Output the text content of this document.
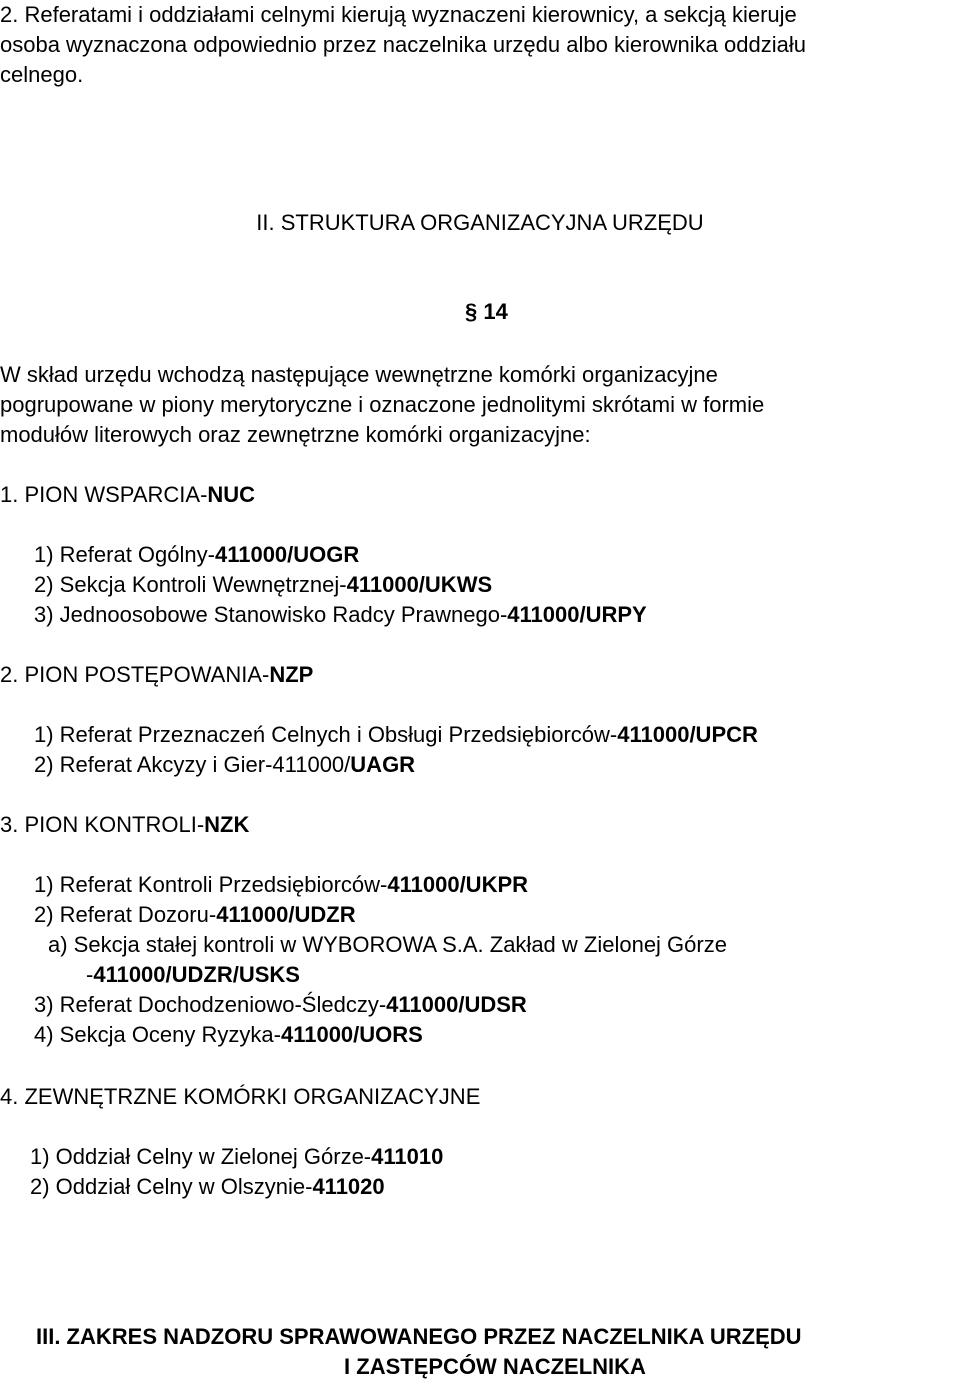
2. Referatami i oddziałami celnymi kierują wyznaczeni kierownicy, a sekcją kieruje
osoba wyznaczona odpowiednio przez naczelnika urzędu albo kierownika oddziału
celnego.
II. STRUKTURA ORGANIZACYJNA URZĘDU
§ 14
W skład urzędu wchodzą następujące wewnętrzne komórki organizacyjne
pogrupowane w piony merytoryczne i oznaczone jednolitymi skrótami w formie
modułów literowych oraz zewnętrzne komórki organizacyjne:
1. PION WSPARCIA-NUC
1) Referat Ogólny-411000/UOGR
2) Sekcja Kontroli Wewnętrznej-411000/UKWS
3) Jednoosobowe Stanowisko Radcy Prawnego-411000/URPY
2. PION POSTĘPOWANIA-NZP
1) Referat Przeznaczeń Celnych i Obsługi Przedsiębiorców-411000/UPCR
2) Referat Akcyzy i Gier-411000/UAGR
3. PION KONTROLI-NZK
1) Referat Kontroli Przedsiębiorców-411000/UKPR
2) Referat Dozoru-411000/UDZR
a) Sekcja stałej kontroli w WYBOROWA S.A. Zakład w Zielonej Górze
-411000/UDZR/USKS
3) Referat Dochodzeniowo-Śledczy-411000/UDSR
4) Sekcja Oceny Ryzyka-411000/UORS
4. ZEWNĘTRZNE KOMÓRKI ORGANIZACYJNE
1) Oddział Celny w Zielonej Górze-411010
2) Oddział Celny w Olszynie-411020
III. ZAKRES NADZORU SPRAWOWANEGO PRZEZ NACZELNIKA URZĘDU
I ZASTĘPCÓW NACZELNIKA
